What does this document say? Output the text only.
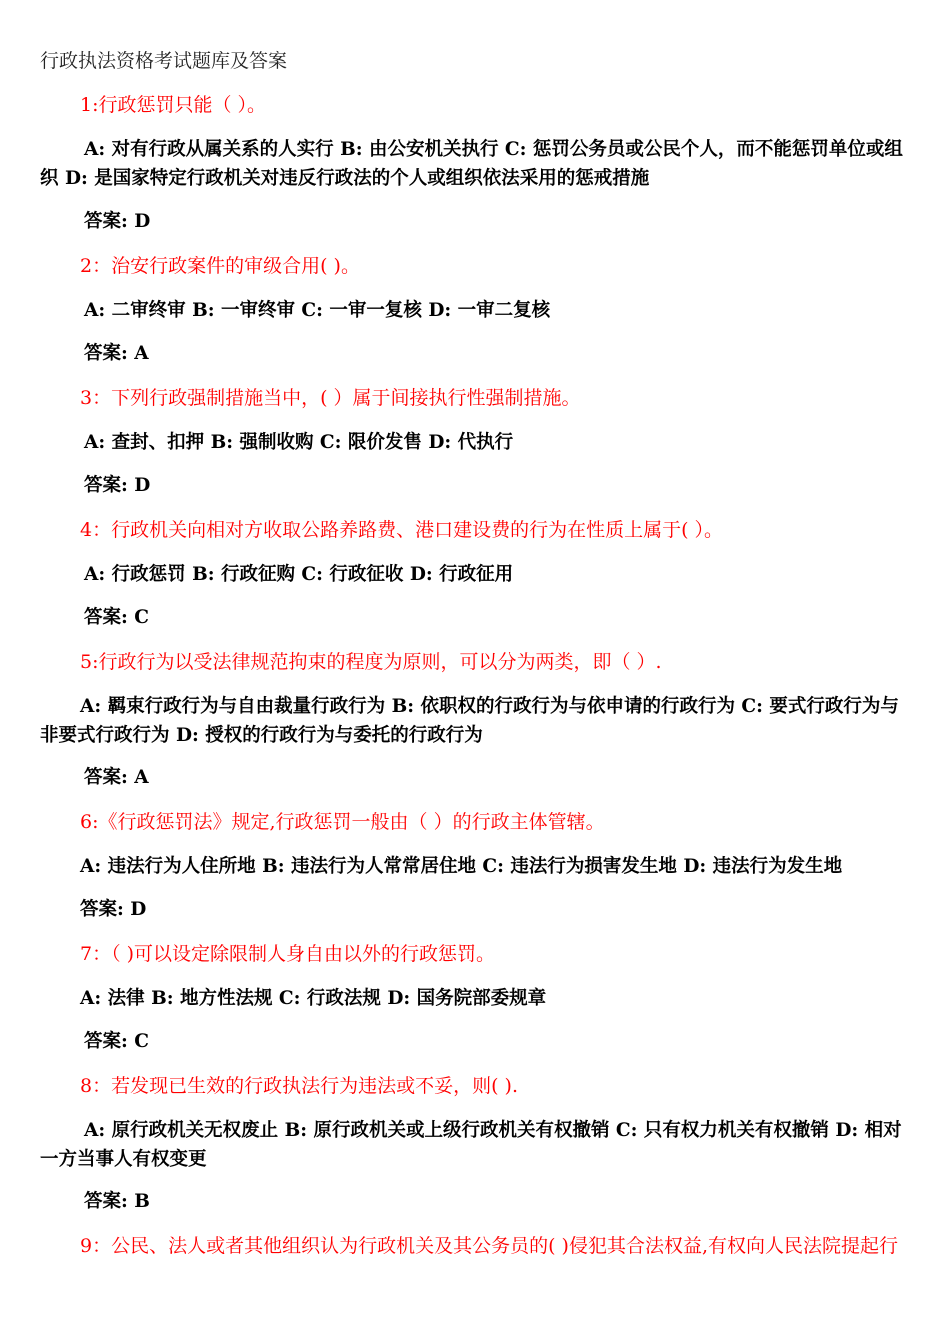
行政执法资格考试题库及答案
1:行政惩罚只能（ ）。
A: 对有行政从属关系的人实行 B: 由公安机关执行 C: 惩罚公务员或公民个人，而不能惩罚单位或组织 D: 是国家特定行政机关对违反行政法的个人或组织依法采用的惩戒措施
答案: D
2：治安行政案件的审级合用( )。
A: 二审终审 B: 一审终审 C: 一审一复核 D: 一审二复核
答案: A
3：下列行政强制措施当中，( ）属于间接执行性强制措施。
A: 查封、扣押 B: 强制收购 C: 限价发售 D: 代执行
答案: D
4：行政机关向相对方收取公路养路费、港口建设费的行为在性质上属于( ）。
A: 行政惩罚 B: 行政征购 C: 行政征收 D: 行政征用
答案: C
5:行政行为以受法律规范拘束的程度为原则，可以分为两类，即（ ）.
A: 羁束行政行为与自由裁量行政行为 B: 依职权的行政行为与依申请的行政行为 C: 要式行政行为与非要式行政行为 D: 授权的行政行为与委托的行政行为
答案: A
6:《行政惩罚法》规定,行政惩罚一般由（ ）的行政主体管辖。
A: 违法行为人住所地 B: 违法行为人常常居住地 C: 违法行为损害发生地 D: 违法行为发生地
答案: D
7：（ )可以设定除限制人身自由以外的行政惩罚。
A: 法律 B: 地方性法规 C: 行政法规 D: 国务院部委规章
答案: C
8：若发现已生效的行政执法行为违法或不妥，则( ).
A: 原行政机关无权废止 B: 原行政机关或上级行政机关有权撤销 C: 只有权力机关有权撤销 D: 相对一方当事人有权变更
答案: B
9：公民、法人或者其他组织认为行政机关及其公务员的( )侵犯其合法权益,有权向人民法院提起行
